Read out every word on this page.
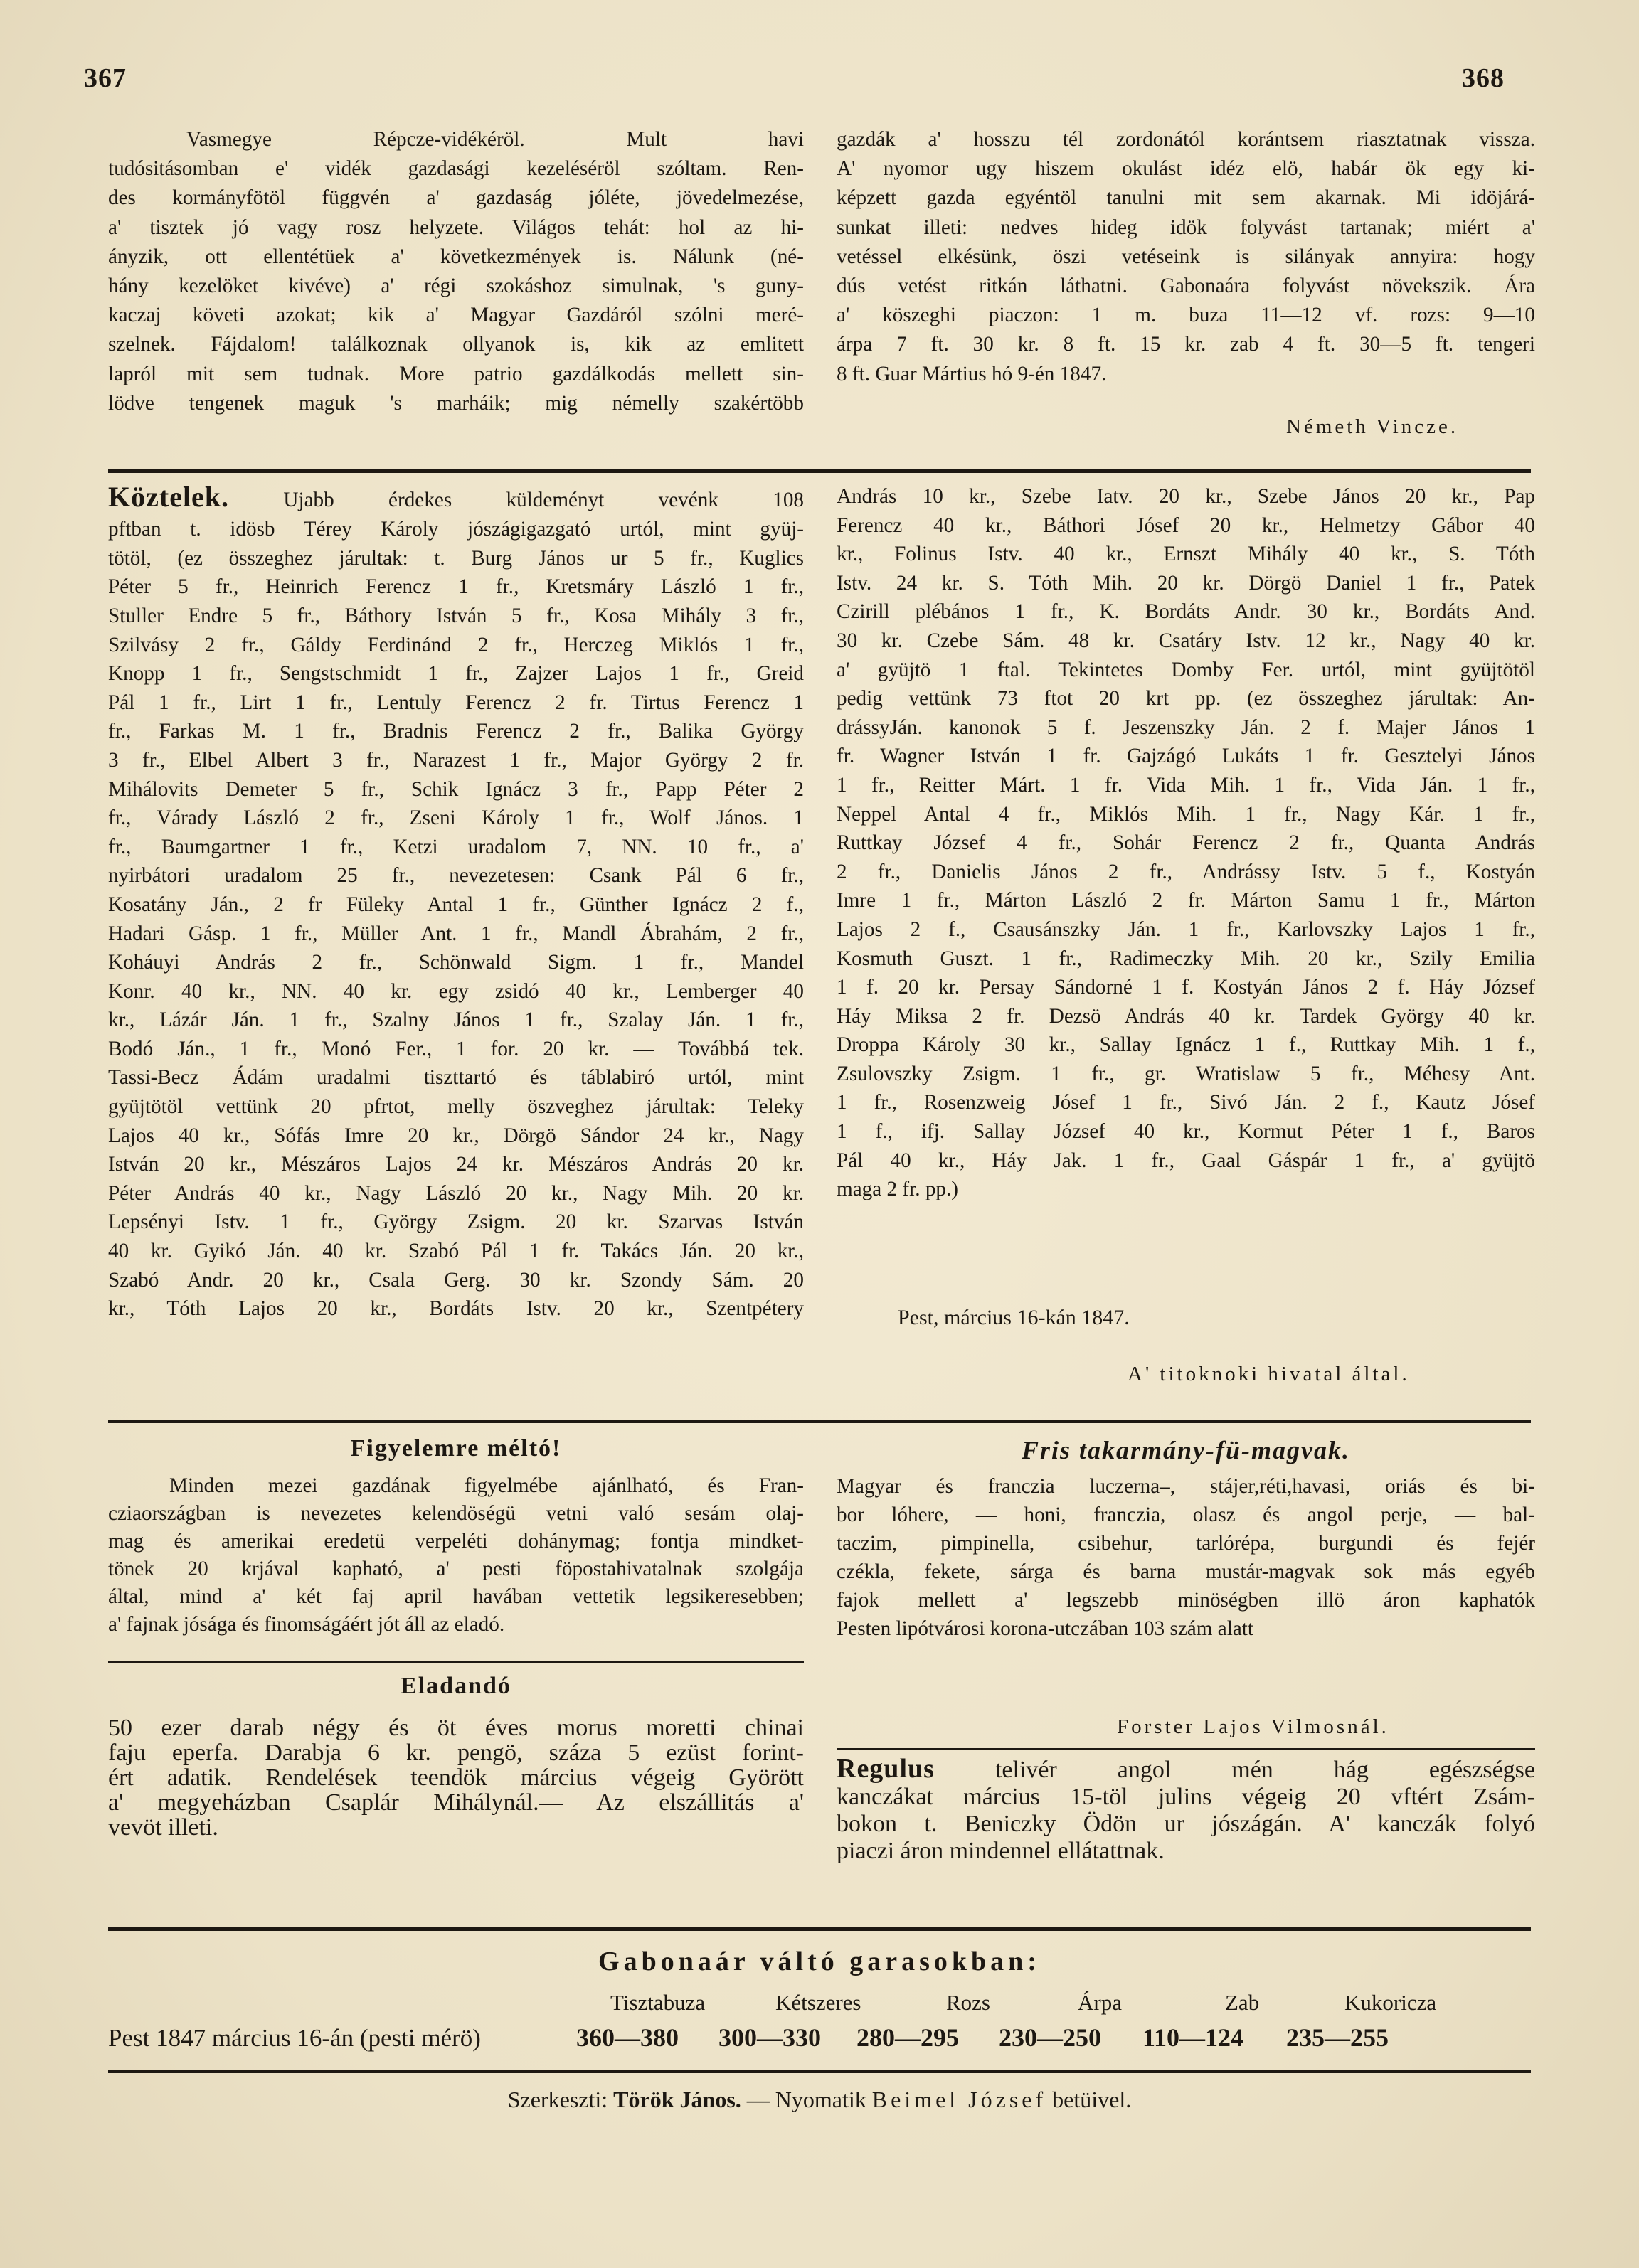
367	368
Vasmegye Répcze-vidékéröl. Mult havi
tudósitásomban e' vidék gazdasági kezeléséröl szóltam. Ren-
des kormányfötöl függvén a' gazdaság jóléte, jövedelmezése,
a' tisztek jó vagy rosz helyzete. Világos tehát: hol az hi-
ányzik, ott ellentétüek a' következmények is. Nálunk (né-
hány kezelöket kivéve) a' régi szokáshoz simulnak, 's guny-
kaczaj követi azokat; kik a' Magyar Gazdáról szólni meré-
szelnek. Fájdalom! találkoznak ollyanok is, kik az emlitett
lapról mit sem tudnak. More patrio gazdálkodás mellett sin-
lödve tengenek maguk 's marháik; mig némelly szakértöbb
gazdák a' hosszu tél zordonától korántsem riasztatnak vissza.
A' nyomor ugy hiszem okulást idéz elö, habár ök egy ki-
képzett gazda egyéntöl tanulni mit sem akarnak. Mi idöjárá-
sunkat illeti: nedves hideg idök folyvást tartanak; miért a'
vetéssel elkésünk, öszi vetéseink is silányak annyira: hogy
dús vetést ritkán láthatni. Gabonaára folyvást növekszik. Ára
a' köszeghi piaczon: 1 m. buza 11—12 vf. rozs: 9—10
árpa 7 ft. 30 kr. 8 ft. 15 kr. zab 4 ft. 30—5 ft. tengeri
8 ft. Guar Mártius hó 9-én 1847.
Németh Vincze.
Köztelek.	Ujabb érdekes küldeményt vevénk 108
pftban t. idösb Térey Károly jószágigazgató urtól, mint gyüj-
tötöl, (ez összeghez járultak: t. Burg János ur 5 fr., Kuglics
Péter 5 fr., Heinrich Ferencz 1 fr., Kretsmáry László 1 fr.,
Stuller Endre 5 fr., Báthory István 5 fr., Kosa Mihály 3 fr.,
Szilvásy 2 fr., Gáldy Ferdinánd 2 fr., Herczeg Miklós 1 fr.,
Knopp 1 fr., Sengstschmidt 1 fr., Zajzer Lajos 1 fr., Greid
Pál 1 fr., Lirt 1 fr., Lentuly Ferencz 2 fr. Tirtus Ferencz 1
fr., Farkas M. 1 fr., Bradnis Ferencz 2 fr., Balika György
3 fr., Elbel Albert 3 fr., Narazest 1 fr., Major György 2 fr.
Mihálovits Demeter 5 fr., Schik Ignácz 3 fr., Papp Péter 2
fr., Várady László 2 fr., Zseni Károly 1 fr., Wolf János. 1
fr., Baumgartner 1 fr., Ketzi uradalom 7, NN. 10 fr., a'
nyirbátori uradalom 25 fr., nevezetesen: Csank Pál 6 fr.,
Kosatány Ján., 2 fr Füleky Antal 1 fr., Günther Ignácz 2 f.,
Hadari Gásp. 1 fr., Müller Ant. 1 fr., Mandl Ábrahám, 2 fr.,
Koháuyi András 2 fr., Schönwald Sigm. 1 fr., Mandel
Konr. 40 kr., NN. 40 kr. egy zsidó 40 kr., Lemberger 40
kr., Lázár Ján. 1 fr., Szalny János 1 fr., Szalay Ján. 1 fr.,
Bodó Ján., 1 fr., Monó Fer., 1 for. 20 kr. — Továbbá tek.
Tassi-Becz Ádám uradalmi tiszttartó és táblabiró urtól, mint
gyüjtötöl vettünk 20 pfrtot, melly öszveghez járultak: Teleky
Lajos 40 kr., Sófás Imre 20 kr., Dörgö Sándor 24 kr., Nagy
István 20 kr., Mészáros Lajos 24 kr. Mészáros András 20 kr.
Péter András 40 kr., Nagy László 20 kr., Nagy Mih. 20 kr.
Lepsényi Istv. 1 fr., György Zsigm. 20 kr. Szarvas István
40 kr. Gyikó Ján. 40 kr. Szabó Pál 1 fr. Takács Ján. 20 kr.,
Szabó Andr. 20 kr., Csala Gerg. 30 kr. Szondy Sám. 20
kr., Tóth Lajos 20 kr., Bordáts Istv. 20 kr., Szentpétery
András 10 kr., Szebe Iatv. 20 kr., Szebe János 20 kr., Pap
Ferencz 40 kr., Báthori Jósef 20 kr., Helmetzy Gábor 40
kr., Folinus Istv. 40 kr., Ernszt Mihály 40 kr., S. Tóth
Istv. 24 kr. S. Tóth Mih. 20 kr. Dörgö Daniel 1 fr., Patek
Czirill plébános 1 fr., K. Bordáts Andr. 30 kr., Bordáts And.
30 kr. Czebe Sám. 48 kr. Csatáry Istv. 12 kr., Nagy 40 kr.
a' gyüjtö 1 ftal. Tekintetes Domby Fer. urtól, mint gyüjtötöl
pedig vettünk 73 ftot 20 krt pp. (ez összeghez járultak: An-
drássyJán. kanonok 5 f. Jeszenszky Ján. 2 f. Majer János 1
fr. Wagner István 1 fr. Gajzágó Lukáts 1 fr. Gesztelyi János
1 fr., Reitter Márt. 1 fr. Vida Mih. 1 fr., Vida Ján. 1 fr.,
Neppel Antal 4 fr., Miklós Mih. 1 fr., Nagy Kár. 1 fr.,
Ruttkay József 4 fr., Sohár Ferencz 2 fr., Quanta András
2 fr., Danielis János 2 fr., Andrássy Istv. 5 f., Kostyán
Imre 1 fr., Márton László 2 fr. Márton Samu 1 fr., Márton
Lajos 2 f., Csausánszky Ján. 1 fr., Karlovszky Lajos 1 fr.,
Kosmuth Guszt. 1 fr., Radimeczky Mih. 20 kr., Szily Emilia
1 f. 20 kr. Persay Sándorné 1 f. Kostyán János 2 f. Háy József
Háy Miksa 2 fr. Dezsö András 40 kr. Tardek György 40 kr.
Droppa Károly 30 kr., Sallay Ignácz 1 f., Ruttkay Mih. 1 f.,
Zsulovszky Zsigm. 1 fr., gr. Wratislaw 5 fr., Méhesy Ant.
1 fr., Rosenzweig Jósef 1 fr., Sivó Ján. 2 f., Kautz Jósef
1 f., ifj. Sallay József 40 kr., Kormut Péter 1 f., Baros
Pál 40 kr., Háy Jak. 1 fr., Gaal Gáspár 1 fr., a' gyüjtö
maga 2 fr. pp.)
Pest, március 16-kán 1847.
A' titoknoki hivatal által.
Figyelemre méltó!
Minden mezei gazdának figyelmébe ajánlható, és Fran-
cziaországban is nevezetes kelendöségü vetni való sesám olaj-
mag és amerikai eredetü verpeléti dohánymag; fontja mindket-
tönek 20 krjával kapható, a' pesti föpostahivatalnak szolgája
által, mind a' két faj april havában vettetik legsikeresebben;
a' fajnak jósága és finomságáért jót áll az eladó.
Eladandó
50 ezer darab négy és öt éves morus moretti chinai
faju eperfa. Darabja 6 kr. pengö, százа 5 ezüst forint-
ért adatik. Rendelések teendök március végeig Györött
a' megyeházban Csaplár Mihálynál.— Az elszállitás a'
vevöt illeti.
Fris takarmány-fü-magvak.
Magyar és franczia luczerna–, stájer,réti,havasi, oriás és bi-
bor lóhere, — honi, franczia, olasz és angol perje, — bal-
taczim, pimpinella, csibehur, tarlórépa, burgundi és fejér
czékla, fekete, sárga és barna mustár-magvak sok más egyéb
fajok mellett a' legszebb minöségben illö áron kaphatók
Pesten lipótvárosi korona-utczában 103 szám alatt
Forster Lajos Vilmosnál.
Regulus telivér angol mén hág egészségse
kanczákat március 15-töl julins végeig 20 vftért Zsám-
bokon t. Beniczky Ödön ur jószágán. A' kanczák folyó
piaczi áron mindennel ellátattnak.
Gabonaár váltó garasokban:
Tisztabuza	Kétszeres	Rozs	Árpa	Zab	Kukoricza
Pest 1847 március 16-án (pesti mérö)	360—380 300—330 280—295 230—250 110—124 235—255
Szerkeszti: Török János. — Nyomatik Beimel József betüivel.
